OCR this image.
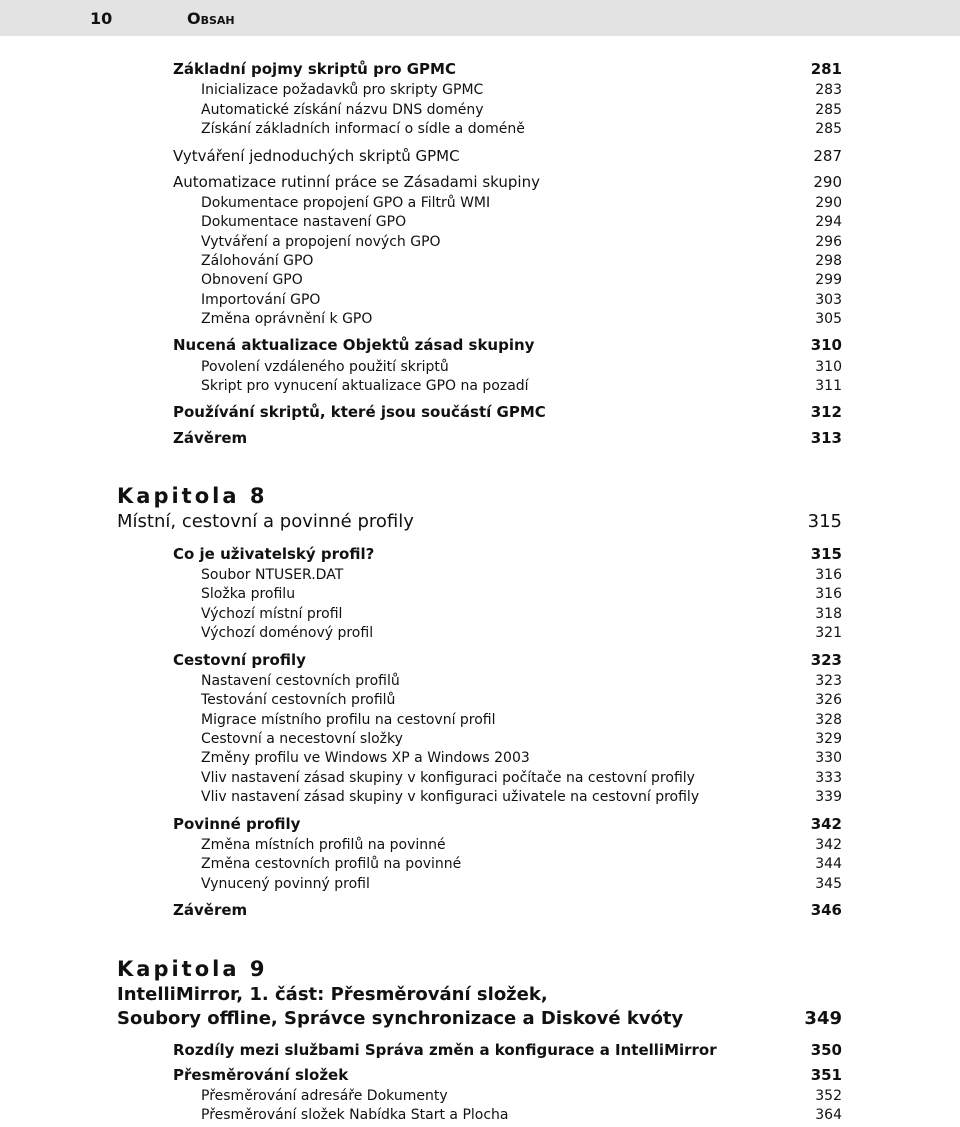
10	Obsah
Základní pojmy skriptů pro GPMC	281
Inicializace požadavků pro skripty GPMC	283
Automatické získání názvu DNS domény	285
Získání základních informací o sídle a doméně	285
Vytváření jednoduchých skriptů GPMC	287
Automatizace rutinní práce se Zásadami skupiny	290
Dokumentace propojení GPO a Filtrů WMI	290
Dokumentace nastavení GPO	294
Vytváření a propojení nových GPO	296
Zálohování GPO	298
Obnovení GPO	299
Importování GPO	303
Změna oprávnění k GPO	305
Nucená aktualizace Objektů zásad skupiny	310
Povolení vzdáleného použití skriptů	310
Skript pro vynucení aktualizace GPO na pozadí	311
Používání skriptů, které jsou součástí GPMC	312
Závěrem	313
Kapitola 8
Místní, cestovní a povinné profily	315
Co je uživatelský profil?	315
Soubor NTUSER.DAT	316
Složka profilu	316
Výchozí místní profil	318
Výchozí doménový profil	321
Cestovní profily	323
Nastavení cestovních profilů	323
Testování cestovních profilů	326
Migrace místního profilu na cestovní profil	328
Cestovní a necestovní složky	329
Změny profilu ve Windows XP a Windows 2003	330
Vliv nastavení zásad skupiny v konfiguraci počítače na cestovní profily	333
Vliv nastavení zásad skupiny v konfiguraci uživatele na cestovní profily	339
Povinné profily	342
Změna místních profilů na povinné	342
Změna cestovních profilů na povinné	344
Vynucený povinný profil	345
Závěrem	346
Kapitola 9
IntelliMirror, 1. část: Přesměrování složek,
Soubory offline, Správce synchronizace a Diskové kvóty	349
Rozdíly mezi službami Správa změn a konfigurace a IntelliMirror	350
Přesměrování složek	351
Přesměrování adresáře Dokumenty	352
Přesměrování složek Nabídka Start a Plocha	364
